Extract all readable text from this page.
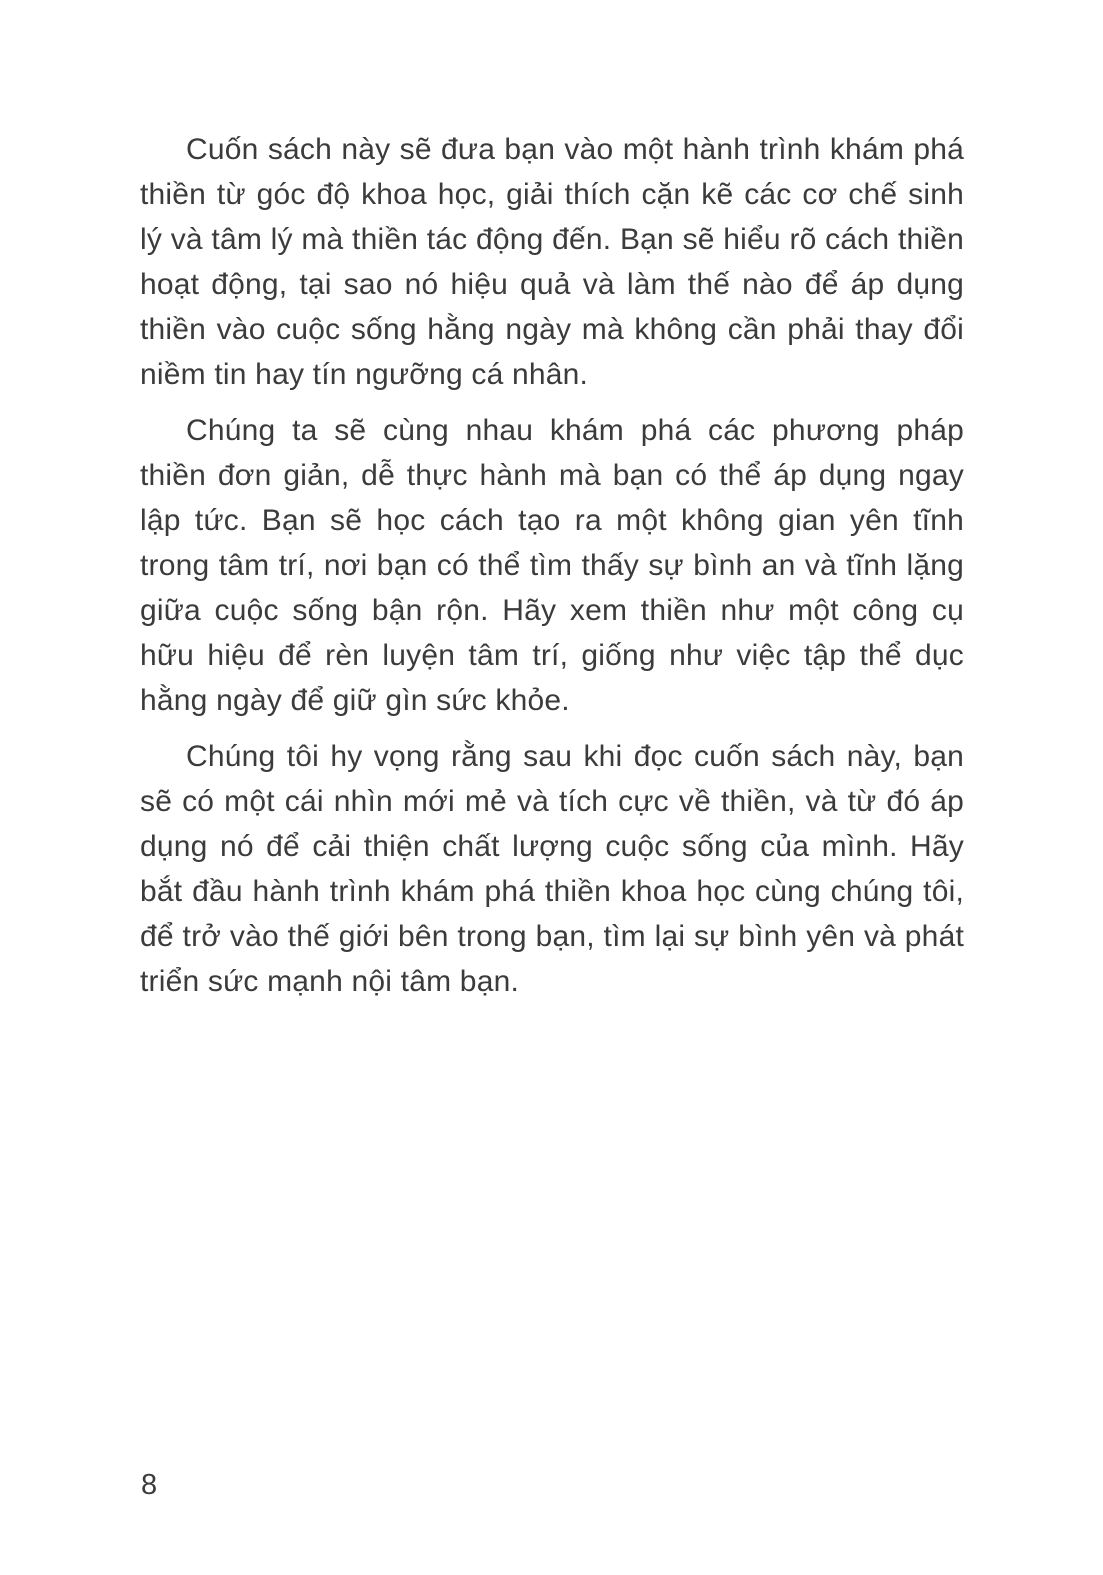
Cuốn sách này sẽ đưa bạn vào một hành trình khám phá thiền từ góc độ khoa học, giải thích cặn kẽ các cơ chế sinh lý và tâm lý mà thiền tác động đến. Bạn sẽ hiểu rõ cách thiền hoạt động, tại sao nó hiệu quả và làm thế nào để áp dụng thiền vào cuộc sống hằng ngày mà không cần phải thay đổi niềm tin hay tín ngưỡng cá nhân.

Chúng ta sẽ cùng nhau khám phá các phương pháp thiền đơn giản, dễ thực hành mà bạn có thể áp dụng ngay lập tức. Bạn sẽ học cách tạo ra một không gian yên tĩnh trong tâm trí, nơi bạn có thể tìm thấy sự bình an và tĩnh lặng giữa cuộc sống bận rộn. Hãy xem thiền như một công cụ hữu hiệu để rèn luyện tâm trí, giống như việc tập thể dục hằng ngày để giữ gìn sức khỏe.

Chúng tôi hy vọng rằng sau khi đọc cuốn sách này, bạn sẽ có một cái nhìn mới mẻ và tích cực về thiền, và từ đó áp dụng nó để cải thiện chất lượng cuộc sống của mình. Hãy bắt đầu hành trình khám phá thiền khoa học cùng chúng tôi, để trở vào thế giới bên trong bạn, tìm lại sự bình yên và phát triển sức mạnh nội tâm bạn.

8
